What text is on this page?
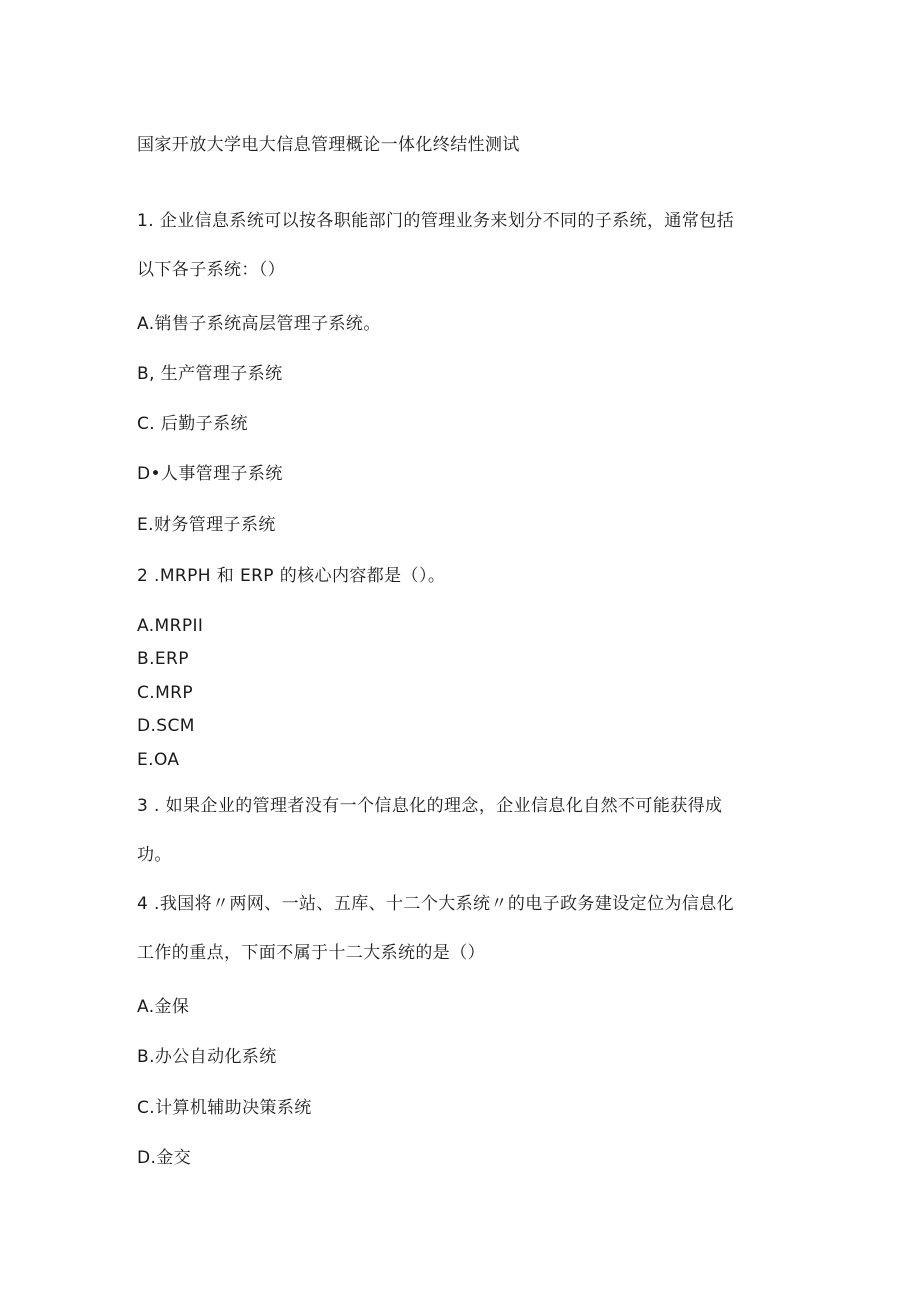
国家开放大学电大信息管理概论一体化终结性测试
1. 企业信息系统可以按各职能部门的管理业务来划分不同的子系统，通常包括
以下各子系统：（）
A.销售子系统高层管理子系统。
B, 生产管理子系统
C. 后勤子系统
D•人事管理子系统
E.财务管理子系统
2 .MRPH 和 ERP 的核心内容都是（）。
A.MRPII
B.ERP
C.MRP
D.SCM
E.OA
3 . 如果企业的管理者没有一个信息化的理念，企业信息化自然不可能获得成
功。
4 .我国将〃两网、一站、五库、十二个大系统〃的电子政务建设定位为信息化
工作的重点，下面不属于十二大系统的是（）
A.金保
B.办公自动化系统
C.计算机辅助决策系统
D.金交
